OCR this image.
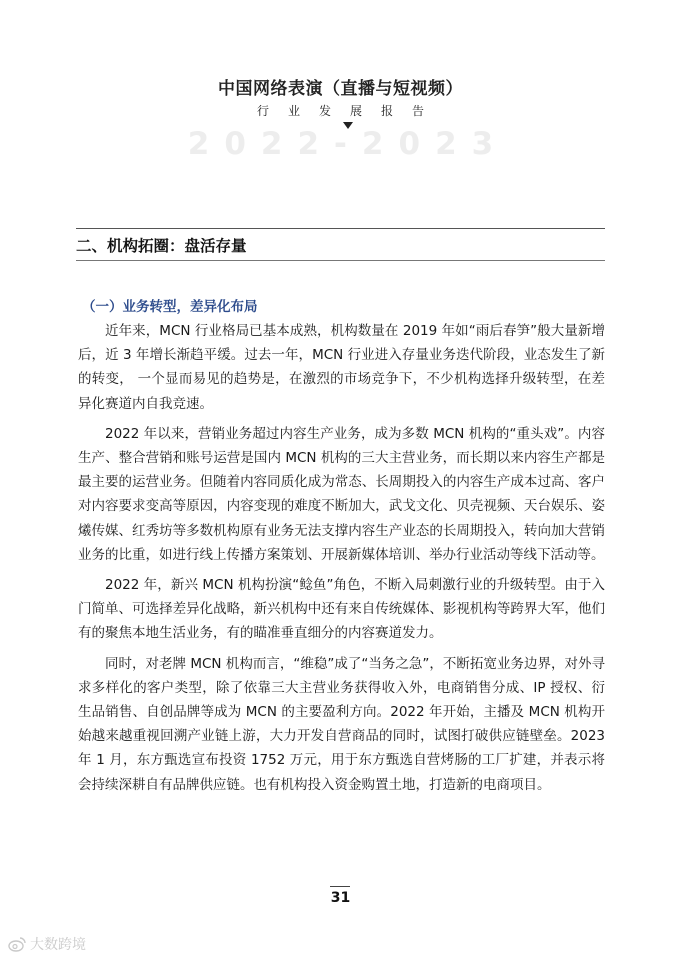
中国网络表演（直播与短视频）
行业发展报告
2022-2023
二、机构拓圈：盘活存量
（一）业务转型，差异化布局

近年来，MCN 行业格局已基本成熟，机构数量在 2019 年如“雨后春笋”般大量新增后，近 3 年增长渐趋平缓。过去一年，MCN 行业进入存量业务迭代阶段，业态发生了新的转变， 一个显而易见的趋势是，在激烈的市场竞争下，不少机构选择升级转型，在差异化赛道内自我竞速。

2022 年以来，营销业务超过内容生产业务，成为多数 MCN 机构的“重头戏”。内容生产、整合营销和账号运营是国内 MCN 机构的三大主营业务，而长期以来内容生产都是最主要的运营业务。但随着内容同质化成为常态、长周期投入的内容生产成本过高、客户对内容要求变高等原因，内容变现的难度不断加大，武戈文化、贝壳视频、天台娱乐、姿爔传媒、红秀坊等多数机构原有业务无法支撑内容生产业态的长周期投入，转向加大营销业务的比重，如进行线上传播方案策划、开展新媒体培训、举办行业活动等线下活动等。

2022 年，新兴 MCN 机构扮演“鲶鱼”角色，不断入局刺激行业的升级转型。由于入门简单、可选择差异化战略，新兴机构中还有来自传统媒体、影视机构等跨界大军，他们有的聚焦本地生活业务，有的瞄准垂直细分的内容赛道发力。

同时，对老牌 MCN 机构而言，“维稳”成了“当务之急”，不断拓宽业务边界，对外寻求多样化的客户类型，除了依靠三大主营业务获得收入外，电商销售分成、IP 授权、衍生品销售、自创品牌等成为 MCN 的主要盈利方向。2022 年开始，主播及 MCN 机构开始越来越重视回溯产业链上游，大力开发自营商品的同时，试图打破供应链壁垒。2023 年 1 月，东方甄选宣布投资 1752 万元，用于东方甄选自营烤肠的工厂扩建，并表示将会持续深耕自有品牌供应链。也有机构投入资金购置土地，打造新的电商项目。

31
大数跨境
